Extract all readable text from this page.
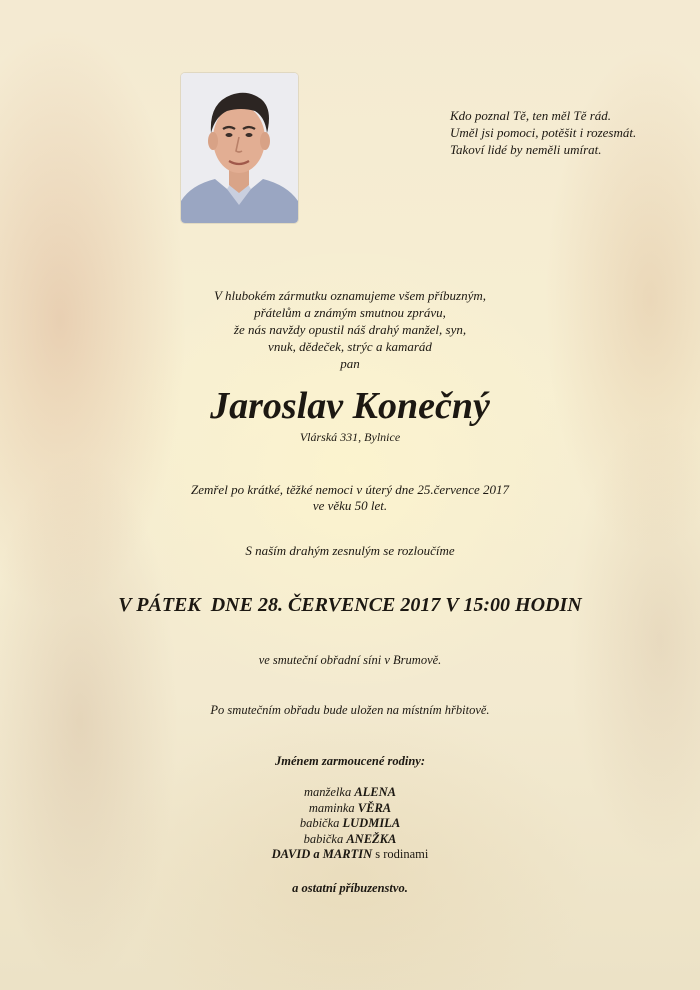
Kdo poznal Tě, ten měl Tě rád.
Uměl jsi pomoci, potěšit i rozesmát.
Takoví lidé by neměli umírat.
V hlubokém zármutku oznamujeme všem příbuzným,
přátelům a známým smutnou zprávu,
že nás navždy opustil náš drahý manžel, syn,
vnuk, dědeček, strýc a kamarád
pan
Jaroslav Konečný
Vlárská 331, Bylnice
Zemřel po krátké, těžké nemoci v úterý dne 25.července 2017
ve věku 50 let.
S naším drahým zesnulým se rozloučíme
V PÁTEK  DNE 28. ČERVENCE 2017 V 15:00 HODIN
ve smuteční obřadní síni v Brumově.
Po smutečním obřadu bude uložen na místním hřbitově.
Jménem zarmoucené rodiny:
manželka ALENA
maminka VĚRA
babička LUDMILA
babička ANEŽKA
DAVID a MARTIN s rodinami
a ostatní příbuzenstvo.
